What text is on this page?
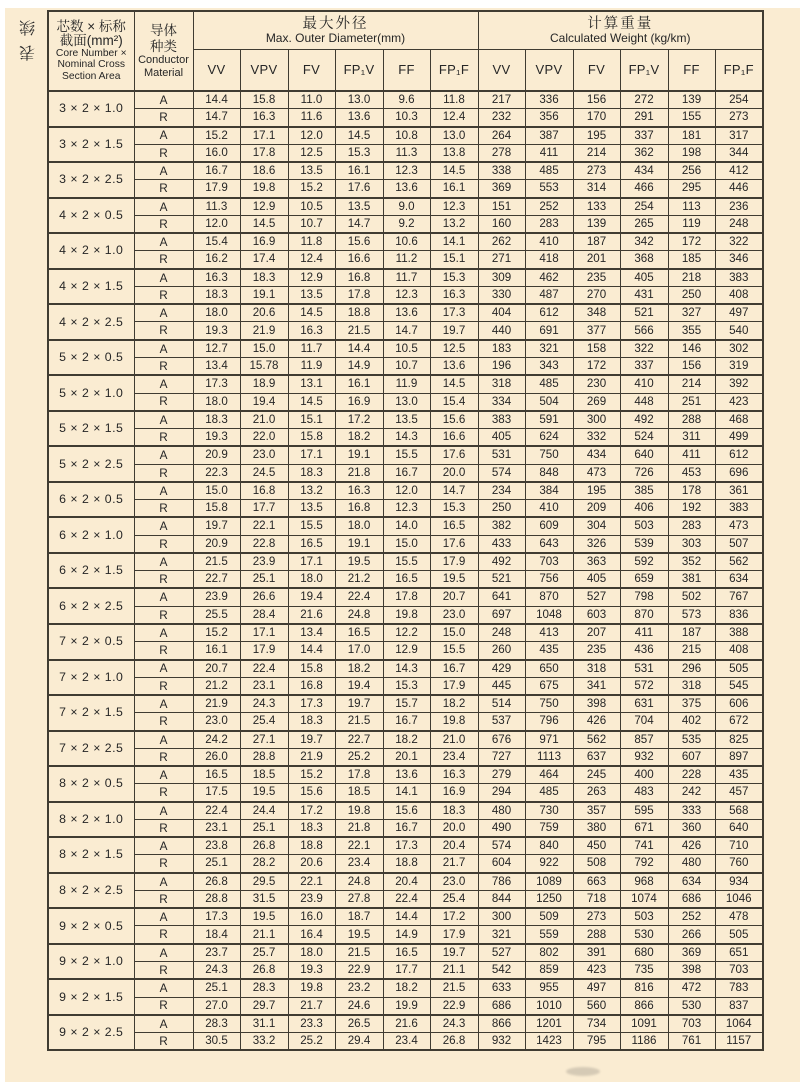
续
表
芯数 × 标称
截面(mm²)
Core Number ×
Nominal Cross
Section Area

导体
种类
Conductor
Material

最大外径
Max. Outer Diameter(mm)

计算重量
Calculated Weight (kg/km)

		VV	VPV	FV	FP₁V	FF	FP₁F	VV	VPV	FV	FP₁V	FF	FP₁F
3 × 2 × 1.0	A	14.4	15.8	11.0	13.0	9.6	11.8	217	336	156	272	139	254
	R	14.7	16.3	11.6	13.6	10.3	12.4	232	356	170	291	155	273
3 × 2 × 1.5	A	15.2	17.1	12.0	14.5	10.8	13.0	264	387	195	337	181	317
	R	16.0	17.8	12.5	15.3	11.3	13.8	278	411	214	362	198	344
3 × 2 × 2.5	A	16.7	18.6	13.5	16.1	12.3	14.5	338	485	273	434	256	412
	R	17.9	19.8	15.2	17.6	13.6	16.1	369	553	314	466	295	446
4 × 2 × 0.5	A	11.3	12.9	10.5	13.5	9.0	12.3	151	252	133	254	113	236
	R	12.0	14.5	10.7	14.7	9.2	13.2	160	283	139	265	119	248
4 × 2 × 1.0	A	15.4	16.9	11.8	15.6	10.6	14.1	262	410	187	342	172	322
	R	16.2	17.4	12.4	16.6	11.2	15.1	271	418	201	368	185	346
4 × 2 × 1.5	A	16.3	18.3	12.9	16.8	11.7	15.3	309	462	235	405	218	383
	R	18.3	19.1	13.5	17.8	12.3	16.3	330	487	270	431	250	408
4 × 2 × 2.5	A	18.0	20.6	14.5	18.8	13.6	17.3	404	612	348	521	327	497
	R	19.3	21.9	16.3	21.5	14.7	19.7	440	691	377	566	355	540
5 × 2 × 0.5	A	12.7	15.0	11.7	14.4	10.5	12.5	183	321	158	322	146	302
	R	13.4	15.78	11.9	14.9	10.7	13.6	196	343	172	337	156	319
5 × 2 × 1.0	A	17.3	18.9	13.1	16.1	11.9	14.5	318	485	230	410	214	392
	R	18.0	19.4	14.5	16.9	13.0	15.4	334	504	269	448	251	423
5 × 2 × 1.5	A	18.3	21.0	15.1	17.2	13.5	15.6	383	591	300	492	288	468
	R	19.3	22.0	15.8	18.2	14.3	16.6	405	624	332	524	311	499
5 × 2 × 2.5	A	20.9	23.0	17.1	19.1	15.5	17.6	531	750	434	640	411	612
	R	22.3	24.5	18.3	21.8	16.7	20.0	574	848	473	726	453	696
6 × 2 × 0.5	A	15.0	16.8	13.2	16.3	12.0	14.7	234	384	195	385	178	361
	R	15.8	17.7	13.5	16.8	12.3	15.3	250	410	209	406	192	383
6 × 2 × 1.0	A	19.7	22.1	15.5	18.0	14.0	16.5	382	609	304	503	283	473
	R	20.9	22.8	16.5	19.1	15.0	17.6	433	643	326	539	303	507
6 × 2 × 1.5	A	21.5	23.9	17.1	19.5	15.5	17.9	492	703	363	592	352	562
	R	22.7	25.1	18.0	21.2	16.5	19.5	521	756	405	659	381	634
6 × 2 × 2.5	A	23.9	26.6	19.4	22.4	17.8	20.7	641	870	527	798	502	767
	R	25.5	28.4	21.6	24.8	19.8	23.0	697	1048	603	870	573	836
7 × 2 × 0.5	A	15.2	17.1	13.4	16.5	12.2	15.0	248	413	207	411	187	388
	R	16.1	17.9	14.4	17.0	12.9	15.5	260	435	235	436	215	408
7 × 2 × 1.0	A	20.7	22.4	15.8	18.2	14.3	16.7	429	650	318	531	296	505
	R	21.2	23.1	16.8	19.4	15.3	17.9	445	675	341	572	318	545
7 × 2 × 1.5	A	21.9	24.3	17.3	19.7	15.7	18.2	514	750	398	631	375	606
	R	23.0	25.4	18.3	21.5	16.7	19.8	537	796	426	704	402	672
7 × 2 × 2.5	A	24.2	27.1	19.7	22.7	18.2	21.0	676	971	562	857	535	825
	R	26.0	28.8	21.9	25.2	20.1	23.4	727	1113	637	932	607	897
8 × 2 × 0.5	A	16.5	18.5	15.2	17.8	13.6	16.3	279	464	245	400	228	435
	R	17.5	19.5	15.6	18.5	14.1	16.9	294	485	263	483	242	457
8 × 2 × 1.0	A	22.4	24.4	17.2	19.8	15.6	18.3	480	730	357	595	333	568
	R	23.1	25.1	18.3	21.8	16.7	20.0	490	759	380	671	360	640
8 × 2 × 1.5	A	23.8	26.8	18.8	22.1	17.3	20.4	574	840	450	741	426	710
	R	25.1	28.2	20.6	23.4	18.8	21.7	604	922	508	792	480	760
8 × 2 × 2.5	A	26.8	29.5	22.1	24.8	20.4	23.0	786	1089	663	968	634	934
	R	28.8	31.5	23.9	27.8	22.4	25.4	844	1250	718	1074	686	1046
9 × 2 × 0.5	A	17.3	19.5	16.0	18.7	14.4	17.2	300	509	273	503	252	478
	R	18.4	21.1	16.4	19.5	14.9	17.9	321	559	288	530	266	505
9 × 2 × 1.0	A	23.7	25.7	18.0	21.5	16.5	19.7	527	802	391	680	369	651
	R	24.3	26.8	19.3	22.9	17.7	21.1	542	859	423	735	398	703
9 × 2 × 1.5	A	25.1	28.3	19.8	23.2	18.2	21.5	633	955	497	816	472	783
	R	27.0	29.7	21.7	24.6	19.9	22.9	686	1010	560	866	530	837
9 × 2 × 2.5	A	28.3	31.1	23.3	26.5	21.6	24.3	866	1201	734	1091	703	1064
	R	30.5	33.2	25.2	29.4	23.4	26.8	932	1423	795	1186	761	1157
